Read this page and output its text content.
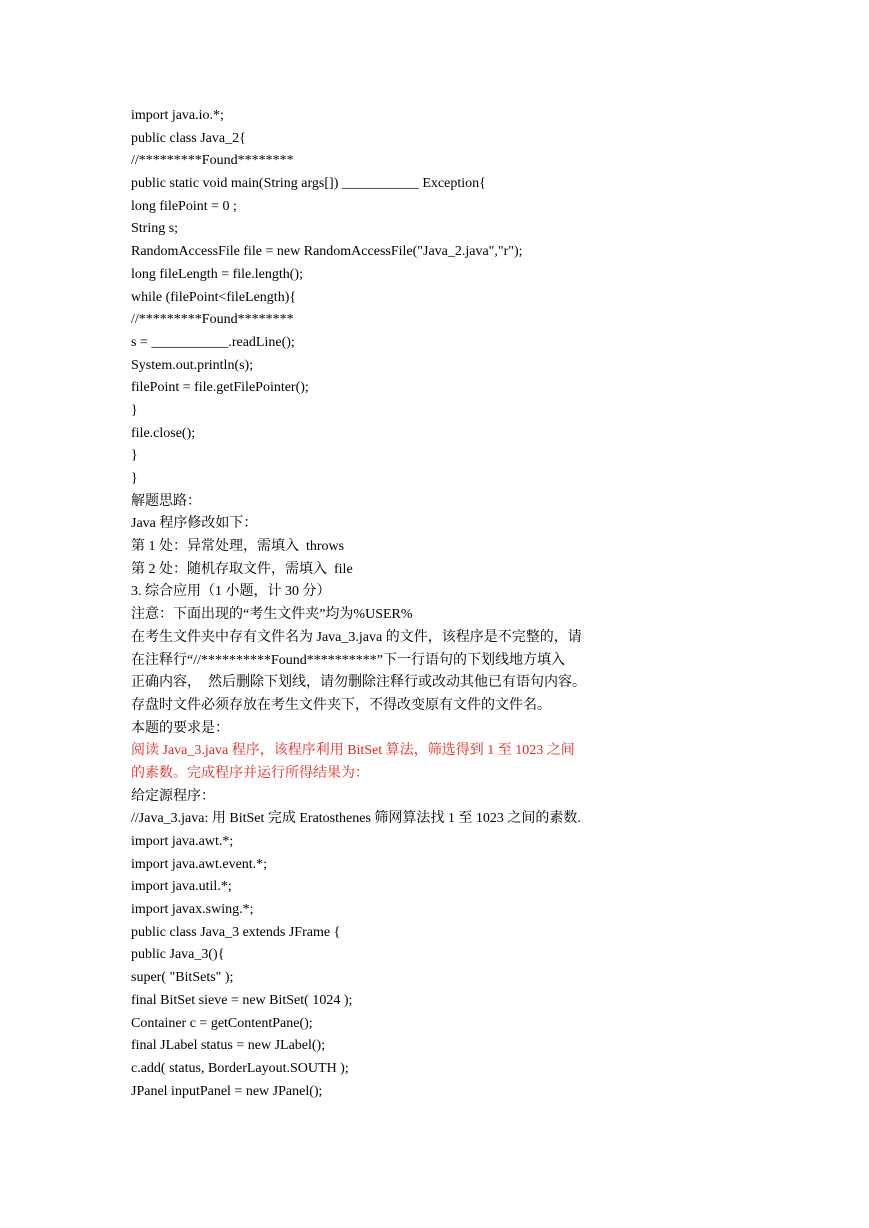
import java.io.*;
public class Java_2{
//*********Found********
public static void main(String args[]) ___________ Exception{
long filePoint = 0 ;
String s;
RandomAccessFile file = new RandomAccessFile("Java_2.java","r");
long fileLength = file.length();
while (filePoint<fileLength){
//*********Found********
s = ___________.readLine();
System.out.println(s);
filePoint = file.getFilePointer();
}
file.close();
}
}
解题思路：
Java 程序修改如下：
第 1 处：异常处理，需填入  throws
第 2 处：随机存取文件，需填入  file
3. 综合应用（1 小题，计 30 分）
注意：下面出现的“考生文件夹”均为%USER%
在考生文件夹中存有文件名为 Java_3.java 的文件，该程序是不完整的，请
在注释行“//**********Found**********”下一行语句的下划线地方填入
正确内容，  然后删除下划线，请勿删除注释行或改动其他已有语句内容。
存盘时文件必须存放在考生文件夹下，不得改变原有文件的文件名。
本题的要求是：
阅读 Java_3.java 程序，该程序利用 BitSet 算法，筛选得到 1 至 1023 之间
的素数。完成程序并运行所得结果为：
给定源程序：
//Java_3.java: 用 BitSet 完成 Eratosthenes 筛网算法找 1 至 1023 之间的素数.
import java.awt.*;
import java.awt.event.*;
import java.util.*;
import javax.swing.*;
public class Java_3 extends JFrame {
public Java_3(){
super( "BitSets" );
final BitSet sieve = new BitSet( 1024 );
Container c = getContentPane();
final JLabel status = new JLabel();
c.add( status, BorderLayout.SOUTH );
JPanel inputPanel = new JPanel();
